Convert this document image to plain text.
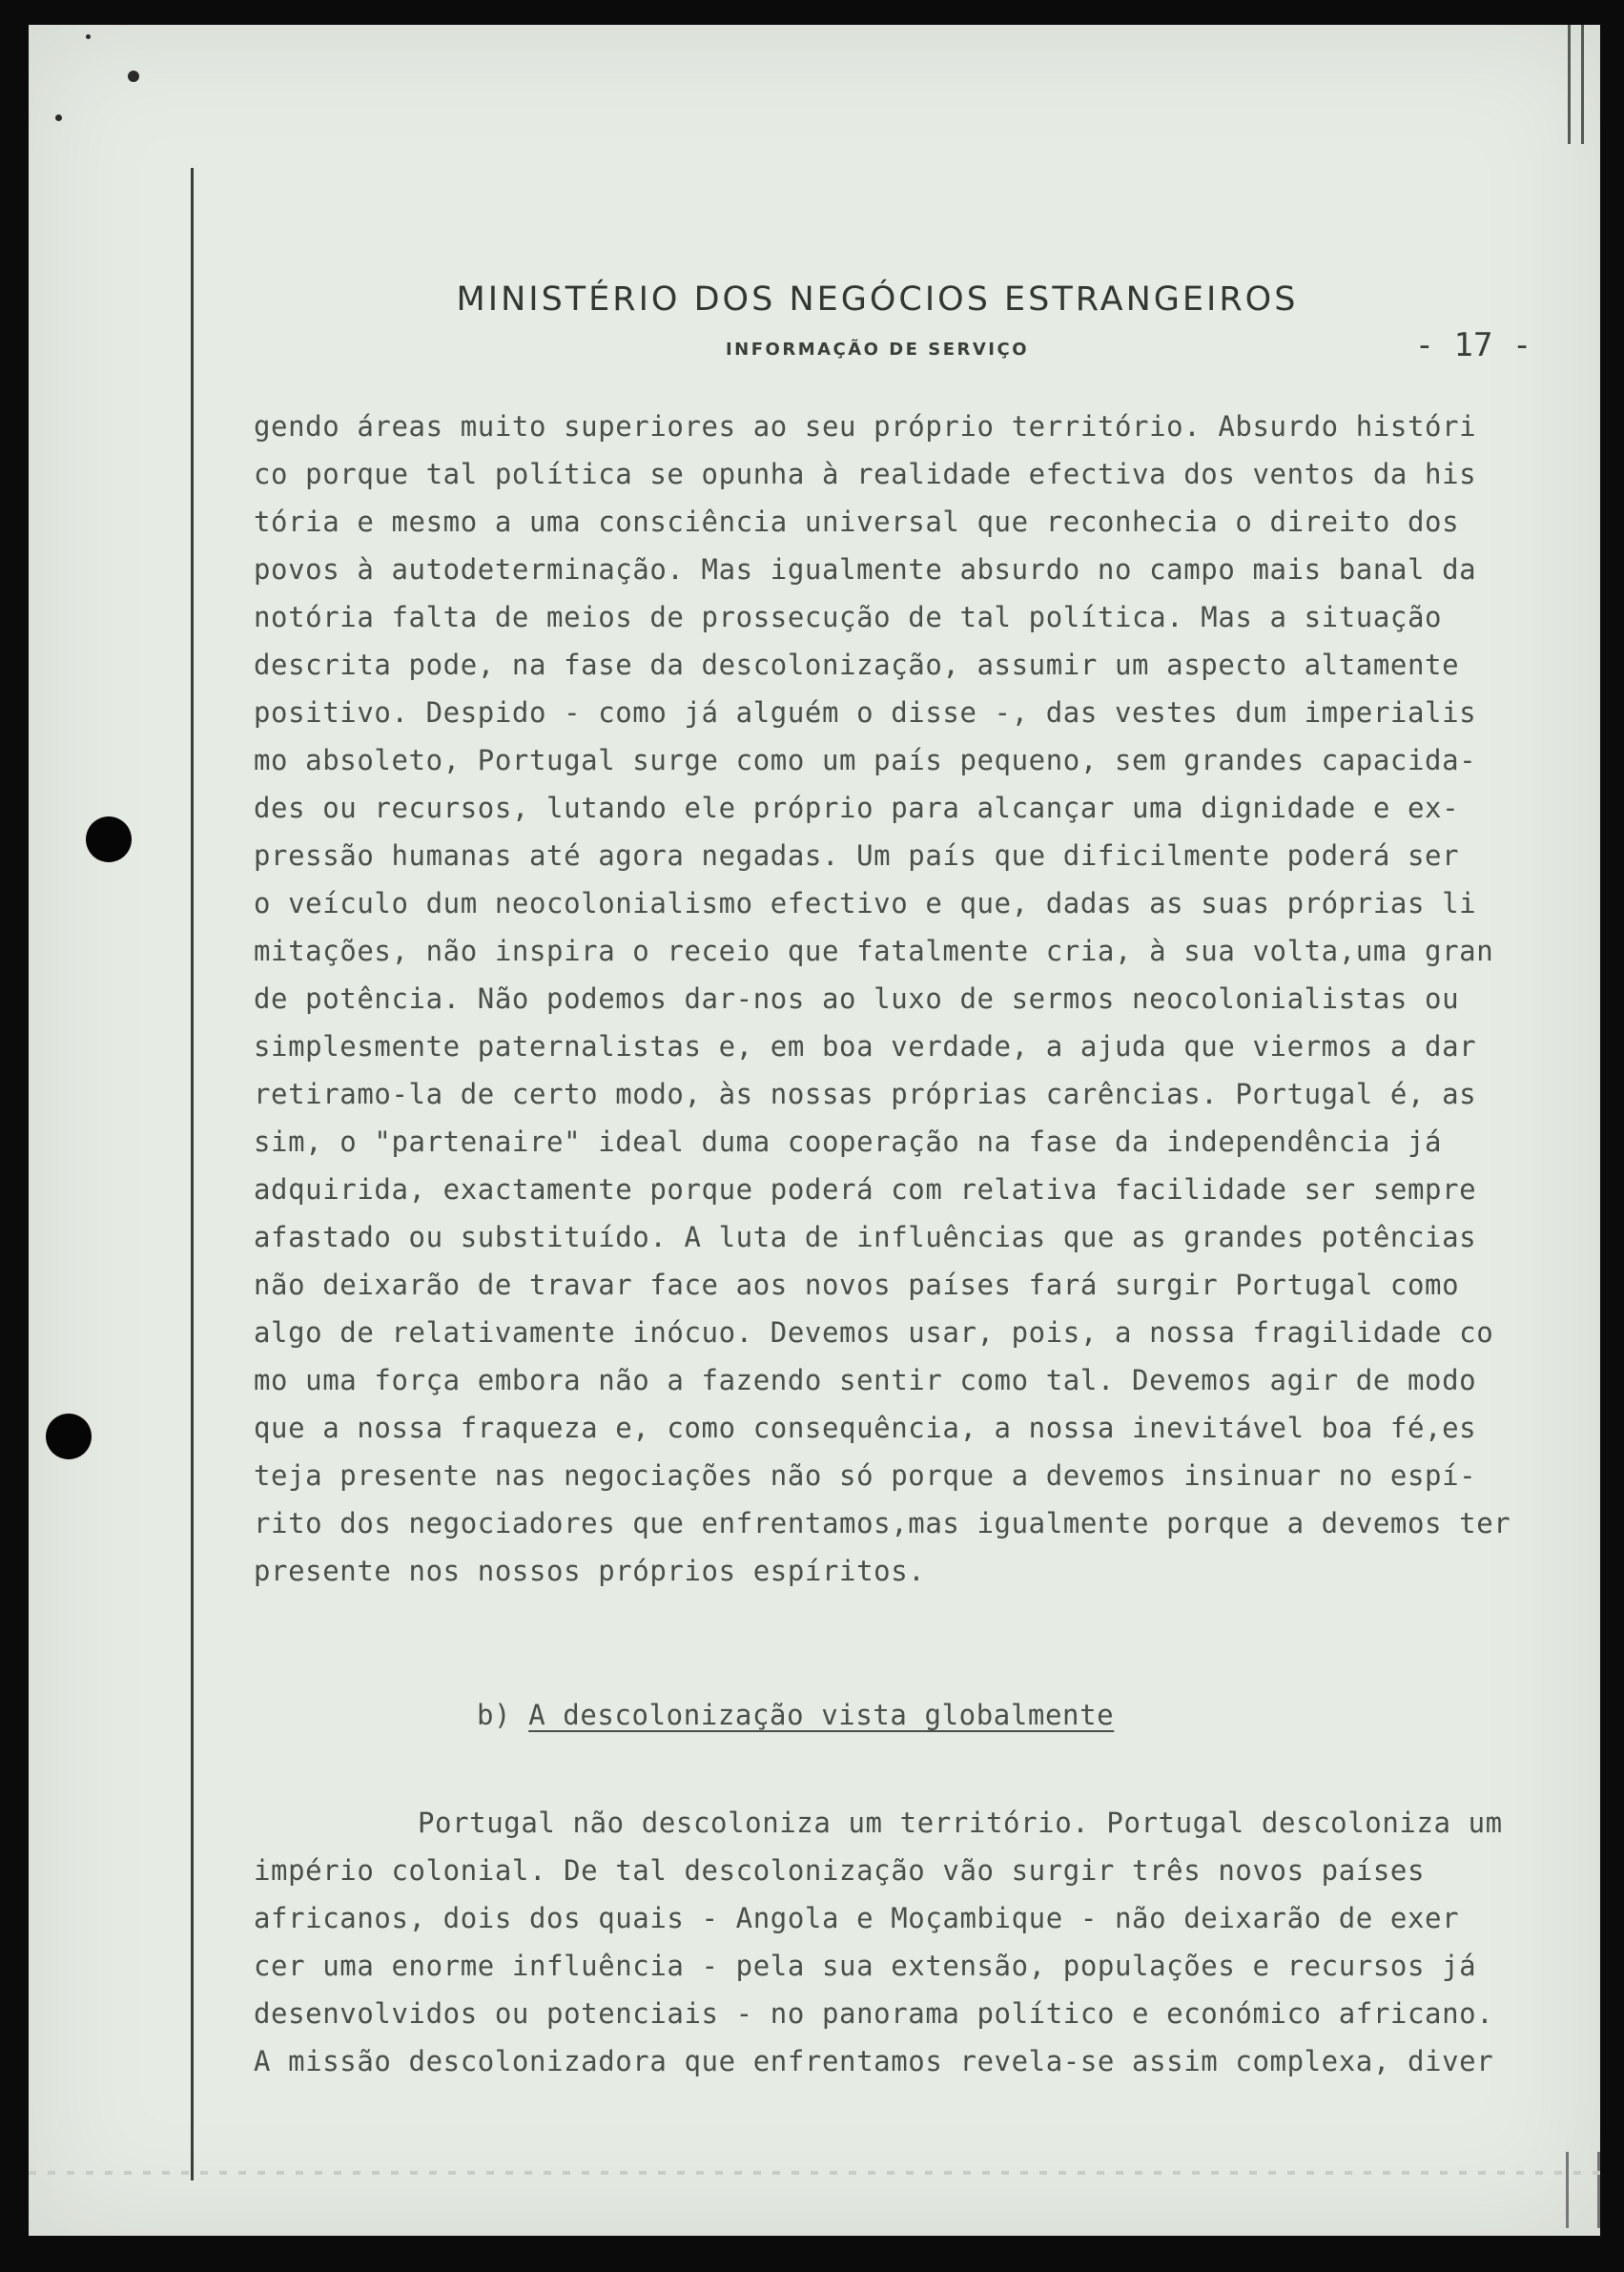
MINISTÉRIO DOS NEGÓCIOS ESTRANGEIROS
INFORMAÇÃO DE SERVIÇO	- 17 -
gendo áreas muito superiores ao seu próprio território. Absurdo históri
co porque tal política se opunha à realidade efectiva dos ventos da his
tória e mesmo a uma consciência universal que reconhecia o direito dos
povos à autodeterminação. Mas igualmente absurdo no campo mais banal da
notória falta de meios de prossecução de tal política. Mas a situação
descrita pode, na fase da descolonização, assumir um aspecto altamente
positivo. Despido - como já alguém o disse -, das vestes dum imperialis
mo absoleto, Portugal surge como um país pequeno, sem grandes capacida-
des ou recursos, lutando ele próprio para alcançar uma dignidade e ex-
pressão humanas até agora negadas. Um país que dificilmente poderá ser
o veículo dum neocolonialismo efectivo e que, dadas as suas próprias li
mitações, não inspira o receio que fatalmente cria, à sua volta,uma gran
de potência. Não podemos dar-nos ao luxo de sermos neocolonialistas ou
simplesmente paternalistas e, em boa verdade, a ajuda que viermos a dar
retiramo-la de certo modo, às nossas próprias carências. Portugal é, as
sim, o "partenaire" ideal duma cooperação na fase da independência já
adquirida, exactamente porque poderá com relativa facilidade ser sempre
afastado ou substituído. A luta de influências que as grandes potências
não deixarão de travar face aos novos países fará surgir Portugal como
algo de relativamente inócuo. Devemos usar, pois, a nossa fragilidade co
mo uma força embora não a fazendo sentir como tal. Devemos agir de modo
que a nossa fraqueza e, como consequência, a nossa inevitável boa fé,es
teja presente nas negociações não só porque a devemos insinuar no espí-
rito dos negociadores que enfrentamos,mas igualmente porque a devemos ter
presente nos nossos próprios espíritos.
b) A descolonização vista globalmente
Portugal não descoloniza um território. Portugal descoloniza um
império colonial. De tal descolonização vão surgir três novos países
africanos, dois dos quais - Angola e Moçambique - não deixarão de exer
cer uma enorme influência - pela sua extensão, populações e recursos já
desenvolvidos ou potenciais - no panorama político e económico africano.
A missão descolonizadora que enfrentamos revela-se assim complexa, diver
